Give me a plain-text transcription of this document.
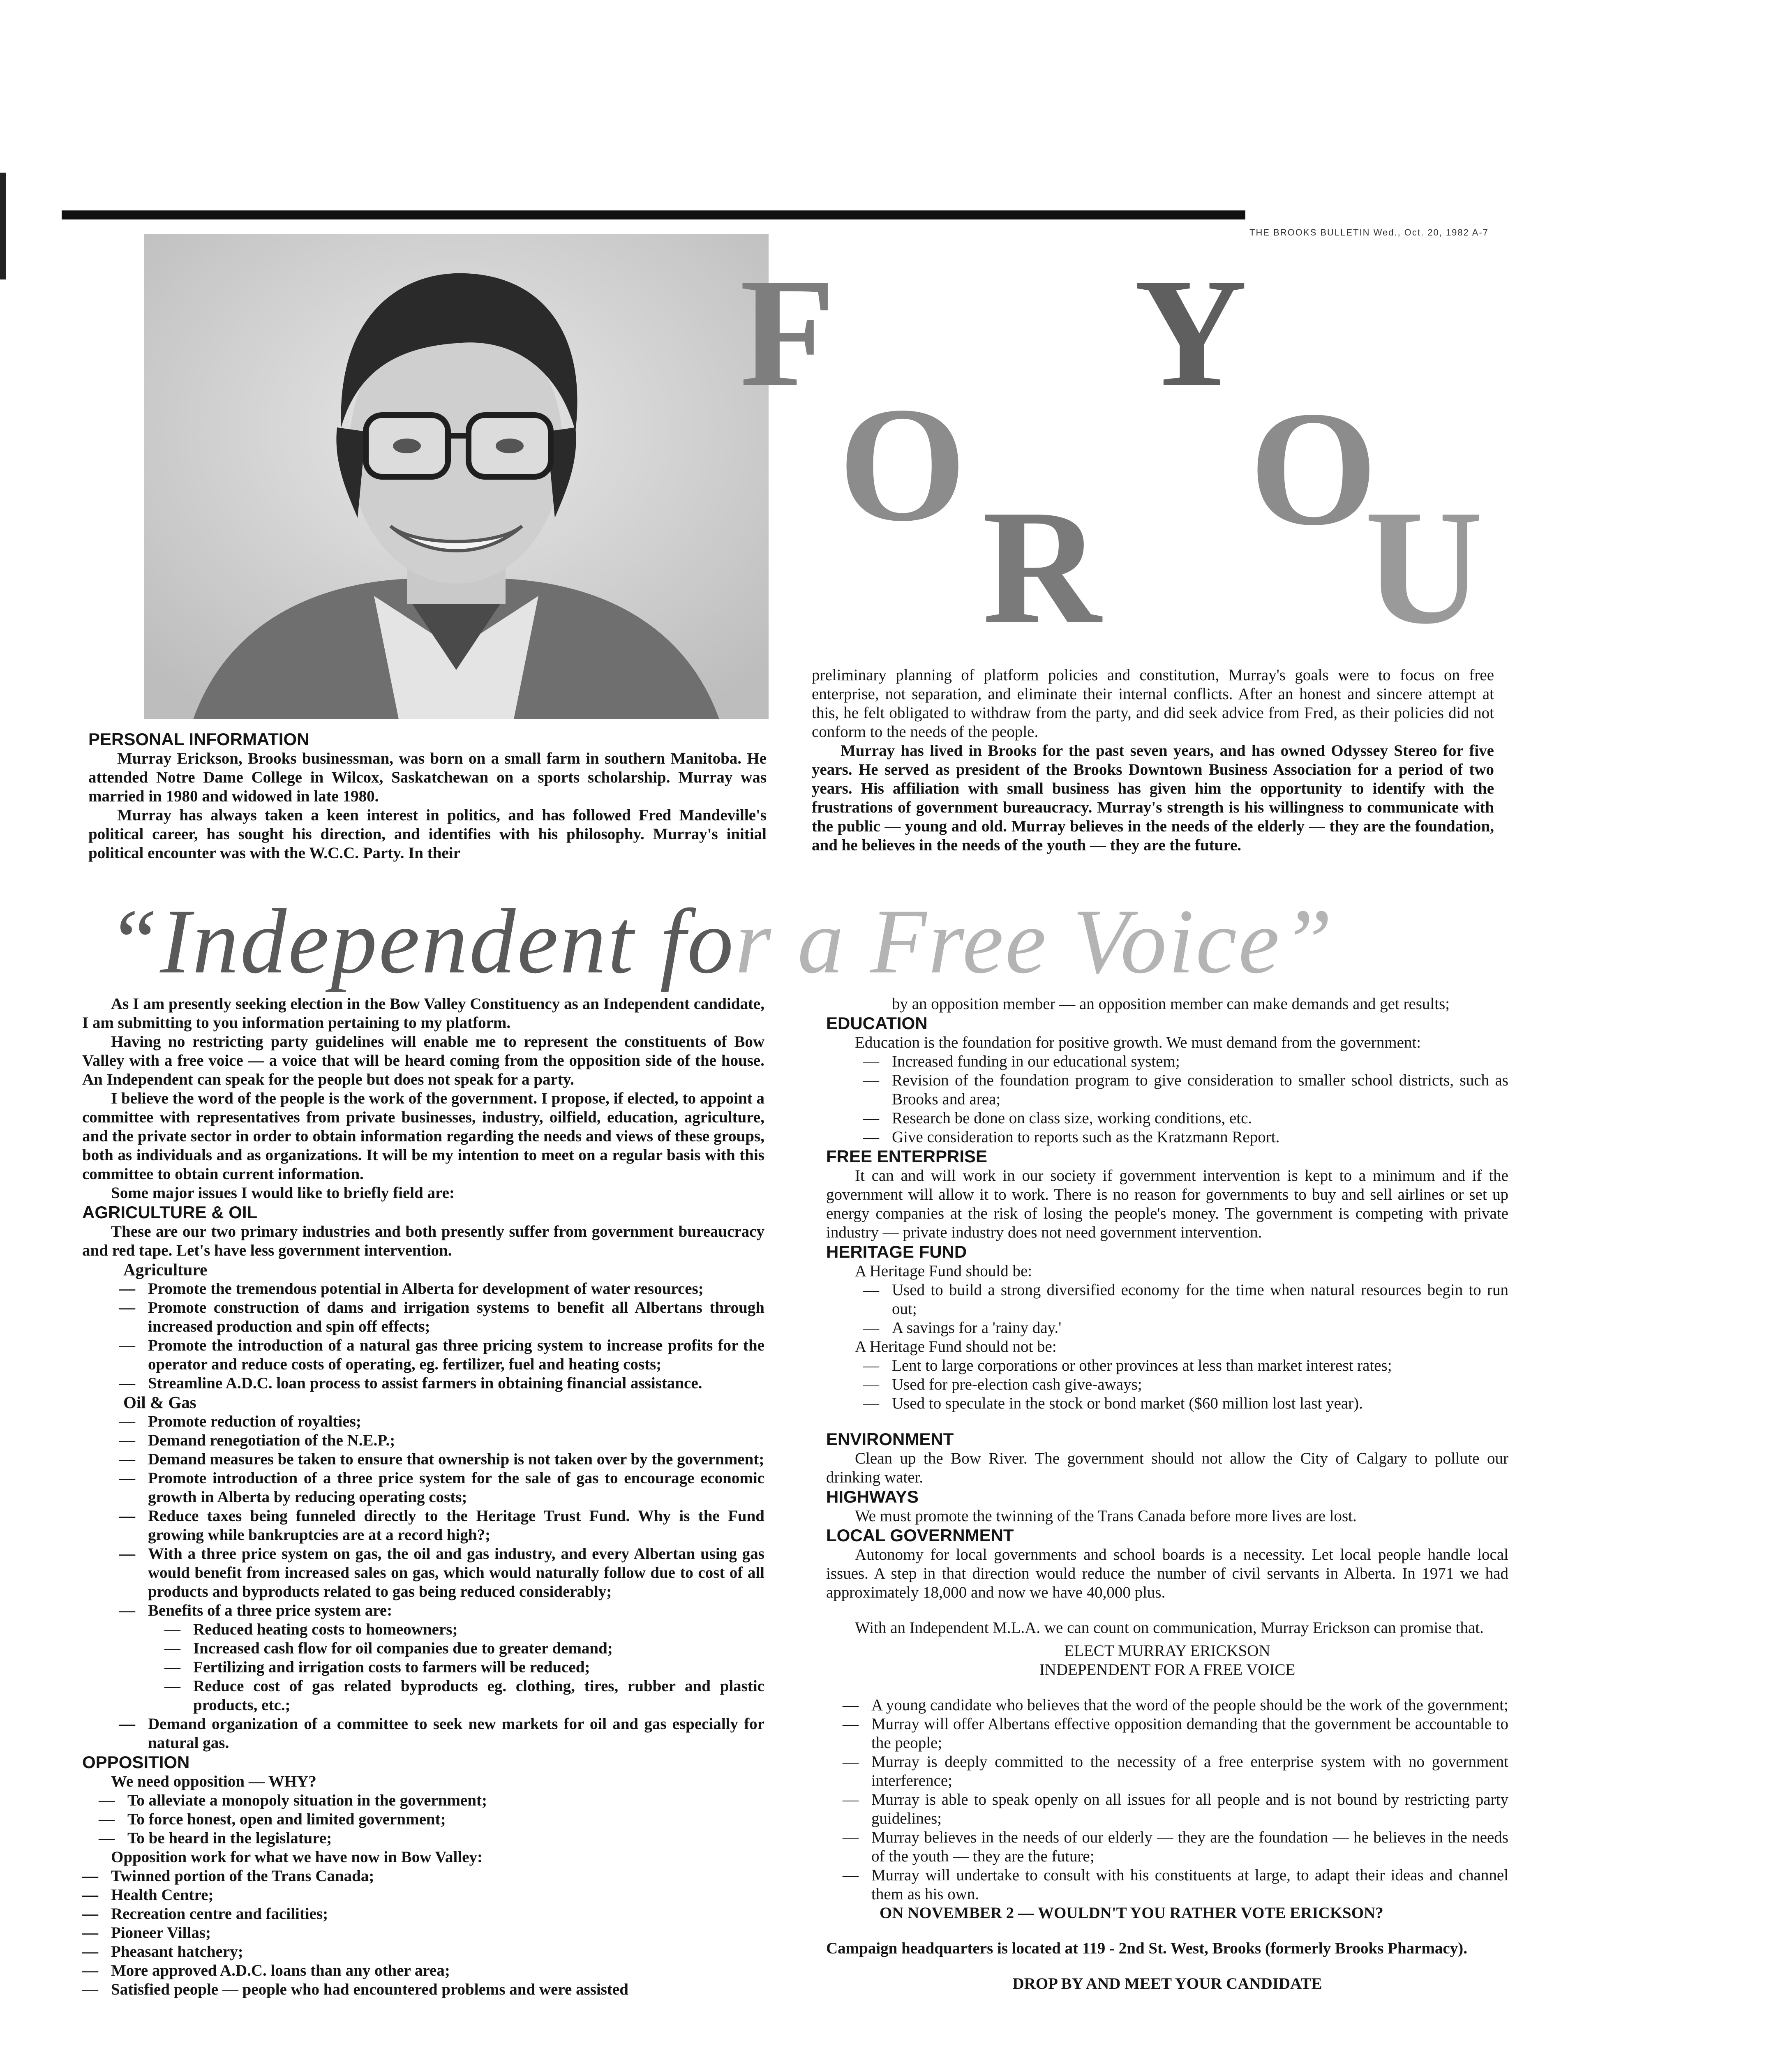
THE BROOKS BULLETIN Wed., Oct. 20, 1982 A-7
F
O
R
Y
O
U
PERSONAL INFORMATION

Murray Erickson, Brooks businessman, was born on a small farm in southern Manitoba. He attended Notre Dame College in Wilcox, Saskatchewan on a sports scholarship. Murray was married in 1980 and widowed in late 1980.

Murray has always taken a keen interest in politics, and has followed Fred Mandeville's political career, has sought his direction, and identifies with his philosophy. Murray's initial political encounter was with the W.C.C. Party. In their

preliminary planning of platform policies and constitution, Murray's goals were to focus on free enterprise, not separation, and eliminate their internal conflicts. After an honest and sincere attempt at this, he felt obligated to withdraw from the party, and did seek advice from Fred, as their policies did not conform to the needs of the people.

Murray has lived in Brooks for the past seven years, and has owned Odyssey Stereo for five years. He served as president of the Brooks Downtown Business Association for a period of two years. His affiliation with small business has given him the opportunity to identify with the frustrations of government bureaucracy. Murray's strength is his willingness to communicate with the public — young and old. Murray believes in the needs of the elderly — they are the foundation, and he believes in the needs of the youth — they are the future.

“Independent for a Free Voice”

As I am presently seeking election in the Bow Valley Constituency as an Independent candidate, I am submitting to you information pertaining to my platform.

Having no restricting party guidelines will enable me to represent the constituents of Bow Valley with a free voice — a voice that will be heard coming from the opposition side of the house. An Independent can speak for the people but does not speak for a party.

I believe the word of the people is the work of the government. I propose, if elected, to appoint a committee with representatives from private businesses, industry, oilfield, education, agriculture, and the private sector in order to obtain information regarding the needs and views of these groups, both as individuals and as organizations. It will be my intention to meet on a regular basis with this committee to obtain current information.

Some major issues I would like to briefly field are:

AGRICULTURE & OIL

These are our two primary industries and both presently suffer from government bureaucracy and red tape. Let's have less government intervention.

Agriculture
— Promote the tremendous potential in Alberta for development of water resources;
— Promote construction of dams and irrigation systems to benefit all Albertans through increased production and spin off effects;
— Promote the introduction of a natural gas three pricing system to increase profits for the operator and reduce costs of operating, eg. fertilizer, fuel and heating costs;
— Streamline A.D.C. loan process to assist farmers in obtaining financial assistance.
Oil & Gas
— Promote reduction of royalties;
— Demand renegotiation of the N.E.P.;
— Demand measures be taken to ensure that ownership is not taken over by the government;
— Promote introduction of a three price system for the sale of gas to encourage economic growth in Alberta by reducing operating costs;
— Reduce taxes being funneled directly to the Heritage Trust Fund. Why is the Fund growing while bankruptcies are at a record high?;
— With a three price system on gas, the oil and gas industry, and every Albertan using gas would benefit from increased sales on gas, which would naturally follow due to cost of all products and byproducts related to gas being reduced considerably;
— Benefits of a three price system are:
— Reduced heating costs to homeowners;
— Increased cash flow for oil companies due to greater demand;
— Fertilizing and irrigation costs to farmers will be reduced;
— Reduce cost of gas related byproducts eg. clothing, tires, rubber and plastic products, etc.;
— Demand organization of a committee to seek new markets for oil and gas especially for natural gas.
OPPOSITION

We need opposition — WHY?

— To alleviate a monopoly situation in the government;
— To force honest, open and limited government;
— To be heard in the legislature;

Opposition work for what we have now in Bow Valley:

— Twinned portion of the Trans Canada;
— Health Centre;
— Recreation centre and facilities;
— Pioneer Villas;
— Pheasant hatchery;
— More approved A.D.C. loans than any other area;
— Satisfied people — people who had encountered problems and were assisted

by an opposition member — an opposition member can make demands and get results;

EDUCATION

Education is the foundation for positive growth. We must demand from the government:

— Increased funding in our educational system;
— Revision of the foundation program to give consideration to smaller school districts, such as Brooks and area;
— Research be done on class size, working conditions, etc.
— Give consideration to reports such as the Kratzmann Report.
FREE ENTERPRISE

It can and will work in our society if government intervention is kept to a minimum and if the government will allow it to work. There is no reason for governments to buy and sell airlines or set up energy companies at the risk of losing the people's money. The government is competing with private industry — private industry does not need government intervention.

HERITAGE FUND

A Heritage Fund should be:

— Used to build a strong diversified economy for the time when natural resources begin to run out;
— A savings for a 'rainy day.'

A Heritage Fund should not be:

— Lent to large corporations or other provinces at less than market interest rates;
— Used for pre-election cash give-aways;
— Used to speculate in the stock or bond market ($60 million lost last year).
ENVIRONMENT

Clean up the Bow River. The government should not allow the City of Calgary to pollute our drinking water.

HIGHWAYS

We must promote the twinning of the Trans Canada before more lives are lost.

LOCAL GOVERNMENT

Autonomy for local governments and school boards is a necessity. Let local people handle local issues. A step in that direction would reduce the number of civil servants in Alberta. In 1971 we had approximately 18,000 and now we have 40,000 plus.

With an Independent M.L.A. we can count on communication, Murray Erickson can promise that.

ELECT MURRAY ERICKSON
INDEPENDENT FOR A FREE VOICE
— A young candidate who believes that the word of the people should be the work of the government;
— Murray will offer Albertans effective opposition demanding that the government be accountable to the people;
— Murray is deeply committed to the necessity of a free enterprise system with no government interference;
— Murray is able to speak openly on all issues for all people and is not bound by restricting party guidelines;
— Murray believes in the needs of our elderly — they are the foundation — he believes in the needs of the youth — they are the future;
— Murray will undertake to consult with his constituents at large, to adapt their ideas and channel them as his own.
ON NOVEMBER 2 — WOULDN'T YOU RATHER VOTE ERICKSON?

Campaign headquarters is located at 119 - 2nd St. West, Brooks (formerly Brooks Pharmacy).

DROP BY AND MEET YOUR CANDIDATE
